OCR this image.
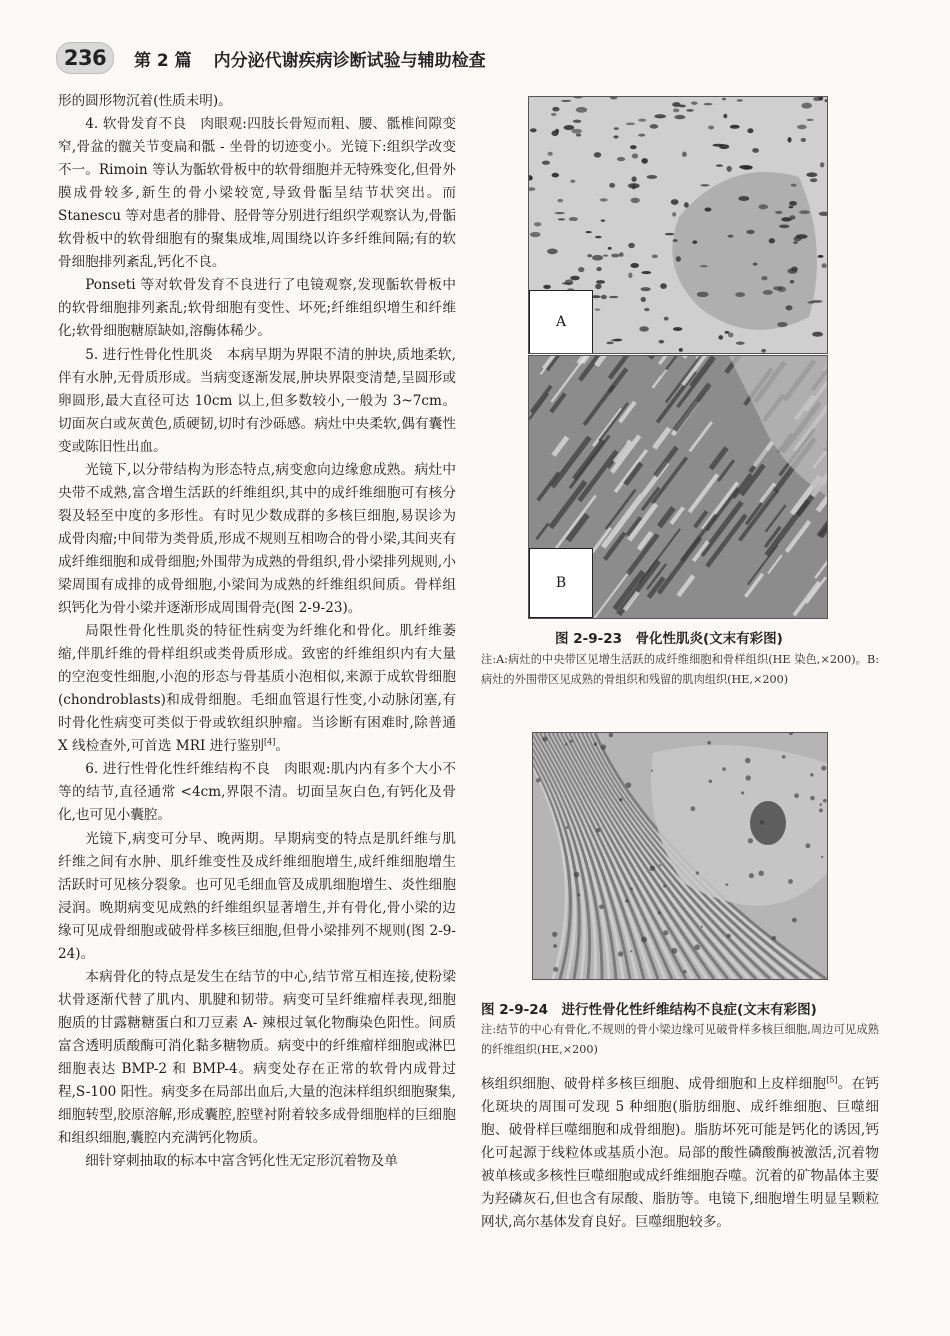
236	第 2 篇 内分泌代谢疾病诊断试验与辅助检查

形的圆形物沉着(性质未明)。

4. 软骨发育不良　肉眼观:四肢长骨短而粗、腰、骶椎间隙变窄,骨盆的髋关节变扁和骶 - 坐骨的切迹变小。光镜下:组织学改变不一。Rimoin 等认为骺软骨板中的软骨细胞并无特殊变化,但骨外膜成骨较多,新生的骨小梁较宽,导致骨骺呈结节状突出。而 Stanescu 等对患者的腓骨、胫骨等分别进行组织学观察认为,骨骺软骨板中的软骨细胞有的聚集成堆,周围绕以许多纤维间隔;有的软骨细胞排列紊乱,钙化不良。

Ponseti 等对软骨发育不良进行了电镜观察,发现骺软骨板中的软骨细胞排列紊乱;软骨细胞有变性、坏死;纤维组织增生和纤维化;软骨细胞糖原缺如,溶酶体稀少。

5. 进行性骨化性肌炎　本病早期为界限不清的肿块,质地柔软,伴有水肿,无骨质形成。当病变逐渐发展,肿块界限变清楚,呈圆形或卵圆形,最大直径可达 10cm 以上,但多数较小,一般为 3~7cm。切面灰白或灰黄色,质硬韧,切时有沙砾感。病灶中央柔软,偶有囊性变或陈旧性出血。

光镜下,以分带结构为形态特点,病变愈向边缘愈成熟。病灶中央带不成熟,富含增生活跃的纤维组织,其中的成纤维细胞可有核分裂及轻至中度的多形性。有时见少数成群的多核巨细胞,易误诊为成骨肉瘤;中间带为类骨质,形成不规则互相吻合的骨小梁,其间夹有成纤维细胞和成骨细胞;外围带为成熟的骨组织,骨小梁排列规则,小梁周围有成排的成骨细胞,小梁间为成熟的纤维组织间质。骨样组织钙化为骨小梁并逐渐形成周围骨壳(图 2-9-23)。

局限性骨化性肌炎的特征性病变为纤维化和骨化。肌纤维萎缩,伴肌纤维的骨样组织或类骨质形成。致密的纤维组织内有大量的空泡变性细胞,小泡的形态与骨基质小泡相似,来源于成软骨细胞(chondroblasts)和成骨细胞。毛细血管退行性变,小动脉闭塞,有时骨化性病变可类似于骨或软组织肿瘤。当诊断有困难时,除普通 X 线检查外,可首选 MRI 进行鉴别[4]。

6. 进行性骨化性纤维结构不良　肉眼观:肌内内有多个大小不等的结节,直径通常 <4cm,界限不清。切面呈灰白色,有钙化及骨化,也可见小囊腔。

光镜下,病变可分早、晚两期。早期病变的特点是肌纤维与肌纤维之间有水肿、肌纤维变性及成纤维细胞增生,成纤维细胞增生活跃时可见核分裂象。也可见毛细血管及成肌细胞增生、炎性细胞浸润。晚期病变见成熟的纤维组织显著增生,并有骨化,骨小梁的边缘可见成骨细胞或破骨样多核巨细胞,但骨小梁排列不规则(图 2-9-24)。

本病骨化的特点是发生在结节的中心,结节常互相连接,使粉梁状骨逐渐代替了肌内、肌腱和韧带。病变可呈纤维瘤样表现,细胞胞质的甘露糖糖蛋白和刀豆素 A- 辣根过氧化物酶染色阳性。间质富含透明质酸酶可消化黏多糖物质。病变中的纤维瘤样细胞或淋巴细胞表达 BMP-2 和 BMP-4。病变处存在正常的软骨内成骨过程,S-100 阳性。病变多在局部出血后,大量的泡沫样组织细胞聚集,细胞转型,胶原溶解,形成囊腔,腔壁衬附着较多成骨细胞样的巨细胞和组织细胞,囊腔内充满钙化物质。

细针穿刺抽取的标本中富含钙化性无定形沉着物及单

A
B
图 2-9-23　骨化性肌炎(文末有彩图)
注:A:病灶的中央带区见增生活跃的成纤维细胞和骨样组织(HE 染色,×200)。B:病灶的外围带区见成熟的骨组织和残留的肌肉组织(HE,×200)
图 2-9-24　进行性骨化性纤维结构不良症(文末有彩图)
注:结节的中心有骨化,不规则的骨小梁边缘可见破骨样多核巨细胞,周边可见成熟的纤维组织(HE,×200)

核组织细胞、破骨样多核巨细胞、成骨细胞和上皮样细胞[5]。在钙化斑块的周围可发现 5 种细胞(脂肪细胞、成纤维细胞、巨噬细胞、破骨样巨噬细胞和成骨细胞)。脂肪坏死可能是钙化的诱因,钙化可起源于线粒体或基质小泡。局部的酸性磷酸酶被激活,沉着物被单核或多核性巨噬细胞或成纤维细胞吞噬。沉着的矿物晶体主要为羟磷灰石,但也含有尿酸、脂肪等。电镜下,细胞增生明显呈颗粒网状,高尔基体发育良好。巨噬细胞较多。
